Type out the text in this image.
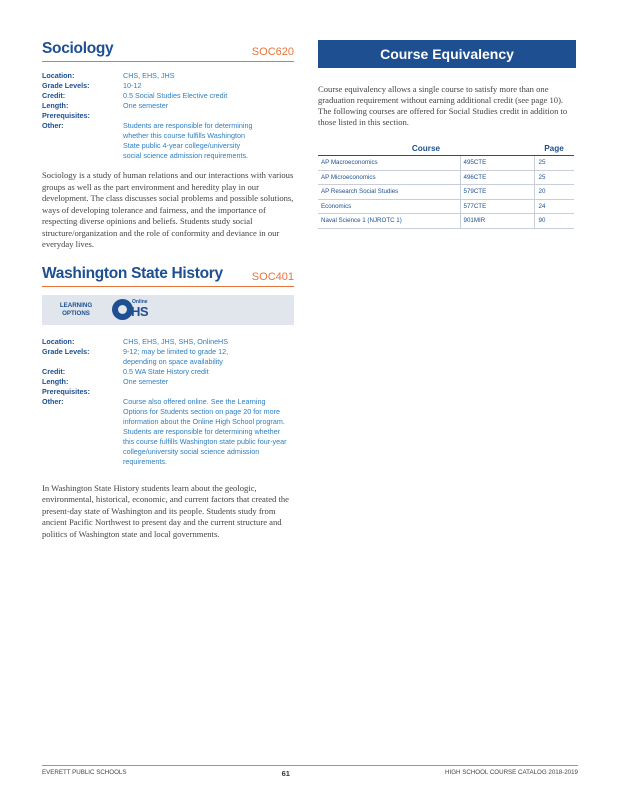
Sociology	SOC620
Location:	CHS, EHS, JHS
Grade Levels:	10-12
Credit:	0.5 Social Studies Elective credit
Length:	One semester
Prerequisites:
Other:	Students are responsible for determining whether this course fulfills Washington State public 4-year college/university social science admission requirements.

Sociology is a study of human relations and our interactions with various groups as well as the part environment and heredity play in our development. The class discusses social problems and possible solutions, ways of developing tolerance and fairness, and the importance of respecting diverse opinions and beliefs. Students study social structure/organization and the role of conformity and deviance in our everyday lives.

Washington State History	SOC401
LEARNING OPTIONS
Online
HS
Location:	CHS, EHS, JHS, SHS, OnlineHS
Grade Levels:	9-12; may be limited to grade 12, depending on space availability
Credit:	0.5 WA State History credit
Length:	One semester
Prerequisites:
Other:	Course also offered online. See the Learning Options for Students section on page 20 for more information about the Online High School program. Students are responsible for determining whether this course fulfills Washington state public four-year college/university social science admission requirements.

In Washington State History students learn about the geologic, environmental, historical, economic, and current factors that created the present-day state of Washington and its people. Students study from ancient Pacific Northwest to present day and the current structure and politics of Washington state and local governments.

Course Equivalency

Course equivalency allows a single course to satisfy more than one graduation requirement without earning additional credit (see page 10). The following courses are offered for Social Studies credit in addition to those listed in this section.

Course		Page
AP Macroeconomics	495CTE	25
AP Microeconomics	496CTE	25
AP Research Social Studies	579CTE	20
Economics	577CTE	24
Naval Science 1 (NJROTC 1)	901MIR	90
EVERETT PUBLIC SCHOOLS	61	HIGH SCHOOL COURSE CATALOG 2018-2019
